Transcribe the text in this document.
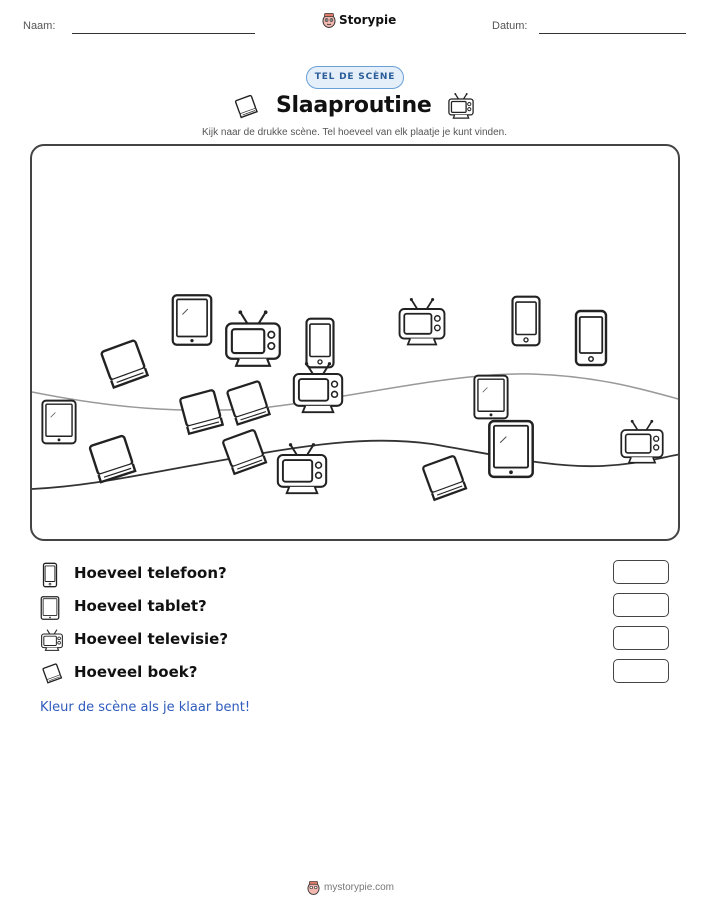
Naam:	Storypie	Datum:
TEL DE SCÈNE
Slaaproutine
Kijk naar de drukke scène. Tel hoeveel van elk plaatje je kunt vinden.
Hoeveel telefoon?
Hoeveel tablet?
Hoeveel televisie?
Hoeveel boek?
Kleur de scène als je klaar bent!
mystorypie.com
